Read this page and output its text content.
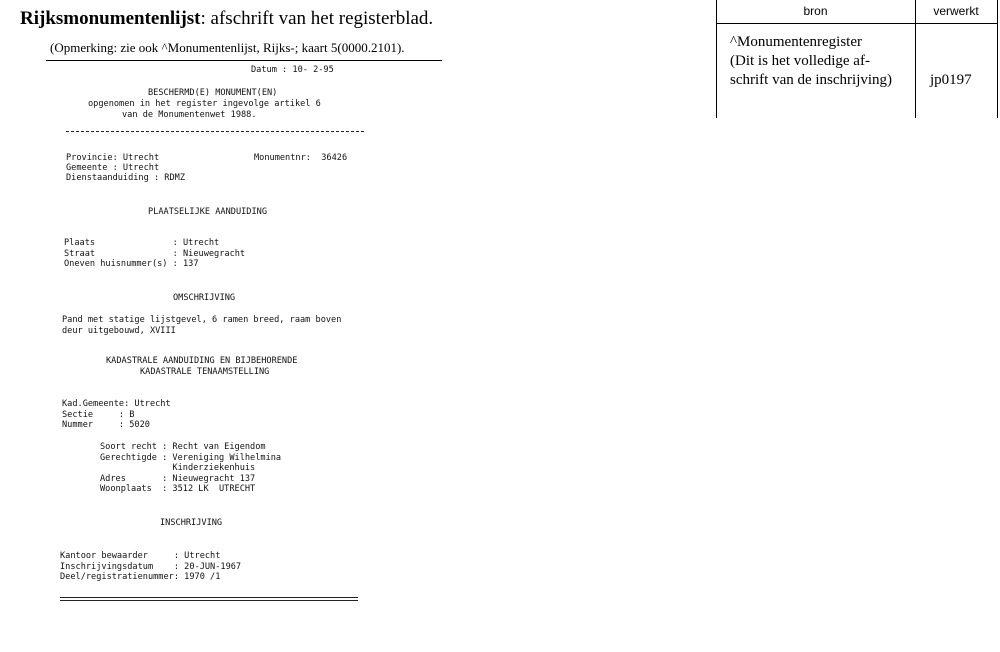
Rijksmonumentenlijst: afschrift van het registerblad.
(Opmerking: zie ook ^Monumentenlijst, Rijks-; kaart 5(0000.2101).
Datum : 10- 2-95
BESCHERMD(E) MONUMENT(EN)
opgenomen in het register ingevolge artikel 6
van de Monumentenwet 1988.
Provincie: Utrecht	Monumentnr:  36426
Gemeente : Utrecht
Dienstaanduiding : RDMZ
PLAATSELIJKE AANDUIDING
Plaats               : Utrecht
Straat               : Nieuwegracht
Oneven huisnummer(s) : 137
OMSCHRIJVING
Pand met statige lijstgevel, 6 ramen breed, raam boven
deur uitgebouwd, XVIII
KADASTRALE AANDUIDING EN BIJBEHORENDE
KADASTRALE TENAAMSTELLING
Kad.Gemeente: Utrecht
Sectie     : B
Nummer     : 5020
Soort recht : Recht van Eigendom
Gerechtigde : Vereniging Wilhelmina
Kinderziekenhuis
Adres       : Nieuwegracht 137
Woonplaats  : 3512 LK  UTRECHT
INSCHRIJVING
Kantoor bewaarder     : Utrecht
Inschrijvingsdatum    : 20-JUN-1967
Deel/registratienummer: 1970 /1
bron	verwerkt
^Monumentenregister
(Dit is het volledige af-
schrift van de inschrijving)	jp0197
